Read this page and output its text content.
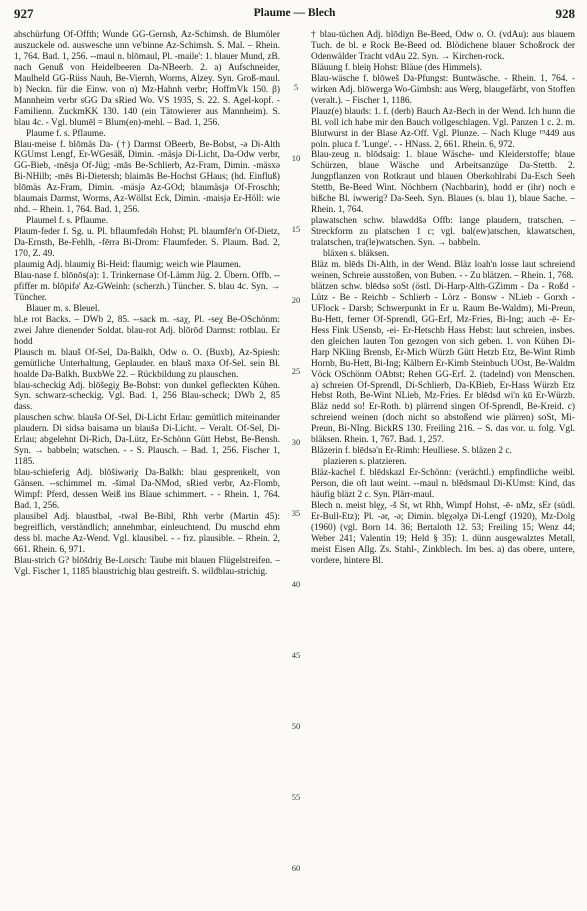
927	Plaume — Blech	928

abschürfung Of-Offth; Wunde GG-Gernsh, Az-Schimsh. de Blumöler auszuckele od. auswesche unn ve'binne Az-Schimsh. S. Mal. – Rhein. 1, 764. Bad. 1, 256. --maul n. blōmaul, Pl. -maile': 1. blauer Mund, zB. nach Genuß von Heidelbeeren Da-NBeerb. 2. a) Aufschneider, Maulheld GG-Rüss Nauh, Be-Viernh, Worms, Alzey. Syn. Groß-maul. b) Neckn. für die Einw. von α) Mz-Hahnh verbr; HoffmVk 150. β) Mannheim verbr sGG Da sRied Wo. VS 1935, S. 22. S. Agel-kopf. - Familienn. ZuckmKK 130. 140 (ein Tätowierer aus Mannheim). S. blau 4c. - Vgl. blumēl = Blum(en)-mehl. – Bad. 1, 256.

Plaume f. s. Pflaume.

Blau-meise f. blōmäs Da- (†) Darmst OBeerb, Be-Bobst, -ə Di-Alth KGUmst Lengf, Er-WGesäß, Dimin. -mäsjə Di-Licht, Da-Odw verbr, GG-Bieb, -mēsjə Of-Jüg; -mās Be-Schlierb, Az-Fram, Dimin. -mäsxə Bi-NHilb; -mēs Bi-Dietersh; blaimās Be-Hochst GHaus; (hd. Einfluß) blōmäs Az-Fram, Dimin. -mäsjə Az-GOd; blaumäsjə Of-Froschh; blaumais Darmst, Worms, Az-Wöllst Eck, Dimin. -maisjə Er-Höll: wie nhd. – Rhein. 1, 764. Bad. 1, 256.

Plaumel f. s. Pflaume.

Plaum-feder f. Sg. u. Pl. bflaumfedə̆n Hohst; Pl. blaumfēr'n Of-Dietz, Da-Ernsth, Be-Fehlh, -fērrə Bi-Drom: Flaumfeder. S. Plaum. Bad. 2, 170, Z. 49.

plaumig Adj. blaumiχ Bi-Heid: flaumig; weich wie Plaumen.

Blau-nase f. blōnōs(ə): 1. Trinkernase Of-Lämm Jüg. 2. Übern. Offb. --pfiffer m. blōpifə' Az-GWeinh: (scherzh.) Tüncher. S. blau 4c. Syn. → Tüncher.

Blauer m. s. Bleuel.

bl.e rot Backs. – DWb 2, 85. --sack m. -saχ, Pl. -seχ Be-OSchönm: zwei Jahre dienender Soldat. blau-rot Adj. blōrōd Darmst: rotblau. Er hodd

Plausch m. blauš Of-Sel, Da-Balkh, Odw o. O. (Buxb), Az-Spiesh: gemütliche Unterhaltung, Geplauder. en blauš maxə Of-Sel. sein Bl. hoalde Da-Balkh. BuxbWe 22. – Rückbildung zu plauschen.

blau-scheckig Adj. blōšegiχ Be-Bobst: von dunkel gefleckten Kühen. Syn. schwarz-scheckig. Vgl. Bad. 1, 256 Blau-scheck; DWb 2, 85 dass.

plauschen schw. blaušə Of-Sel, Di-Licht Erlau: gemütlich miteinander plaudern. Di sidsə baisamə un blaušə Di-Licht. – Veralt. Of-Sel, Di-Erlau; abgelehnt Di-Rich, Da-Lütz, Er-Schönn Gütt Hebst, Be-Bensh. Syn. → babbeln; watschen. - - S. Plausch. – Bad. 1, 256. Fischer 1, 1185.

blau-schieferig Adj. blōšiwəriχ Da-Balkh: blau gesprenkelt, von Gänsen. --schimmel m. -šiməl Da-NMod, sRied verbr, Az-Flomb, Wimpf: Pferd, dessen Weiß ins Blaue schimmert. - - Rhein. 1, 764. Bad. 1, 256.

plausibel Adj. blaustbəl, -twəl Be-Bibl, Rhh verbr (Martin 45): begreiflich, verständlich; annehmbar, einleuchtend. Du muschd ehm dess bl. mache Az-Wend. Vgl. klausibel. - - frz. plausible. – Rhein. 2, 661. Rhein. 6, 971.

Blau-strich G? blōšdriχ Be-Lorsch: Taube mit blauen Flügelstreifen. – Vgl. Fischer 1, 1185 blaustrichig blau gestreift. S. wildblau-strichig.

5
10
15
20
25
30
35
40
45
50
55
60

† blau-tüchen Adj. blōdiχn Be-Beed, Odw o. O. (vdAu): aus blauem Tuch. de bl. e Rock Be-Beed od. Blödichene blauer Schoßrock der Odenwälder Tracht vdAu 22. Syn. → Kirchen-rock.

Bläuung f. bleiŋ Hohst: Bläue (des Himmels).

Blau-wäsche f. blōweš Da-Pfungst: Buntwäsche. - Rhein. 1, 764. -wirken Adj. blōwergə Wo-Gimbsh: aus Werg, blaugefärbt, von Stoffen (veralt.). – Fischer 1, 1186.

Plauz(e) blauds: 1. f. (derb) Bauch Az-Bech in der Wend. Ich hunn die Bl. voll ich habe mir den Bauch vollgeschlagen. Vgl. Panzen 1 c. 2. m. Blutwurst in der Blase Az-Off. Vgl. Plunze. – Nach Kluge ¹⁹449 aus poln. pluca f. 'Lunge'. - - HNass. 2, 661. Rhein. 6, 972.

Blau-zeug n. blōdsaig: 1. blaue Wäsche- und Kleiderstoffe; blaue Schürzen, blaue Wäsche und Arbeitsanzüge Da-Stettb. 2. Jungpflanzen von Rotkraut und blauen Oberkohlrabi Da-Esch Seeh Stettb, Be-Beed Wint. Nöchbern (Nachbarin), hodd er (ihr) noch e bißche Bl. iwwerig? Da-Seeh. Syn. Blaues (s. blau 1), blaue Sache. – Rhein. 1, 764.

plawatschen schw. blawddšə Offb: lange plaudern, tratschen. – Streckform zu platschen 1 c; vgl. bal(ew)atschen, klawatschen, tralatschen, tra(le)watschen. Syn. → babbeln.

bläxen s. bläksen.

Bläz m. blēds Di-Alth, in der Wend. Bläz loah'n losse laut schreiend weinen, Schreie ausstoßen, von Buben. - - Zu blätzen. – Rhein. 1, 768.

blätzen schw. blēdsə soSt (östl. Di-Harp-Alth-GZimm - Da - Roßd - Lütz - Be - Reichb - Schlierb - Lörz - Bonsw - NLieb - Gorxh - UFlock - Darsb; Schwerpunkt in Er u. Raum Be-Waldm), Mi-Preun, Bu-Hett, ferner Of-Sprendl, GG-Erf, Mz-Fries, Bi-Ing; auch -ē- Er-Hess Fink USensb, -ei- Er-Hetschb Hass Hebst: laut schreien, insbes. den gleichen lauten Ton gezogen von sich geben. 1. von Kühen Di-Harp NKling Brensb, Er-Mich Würzb Gütt Hetzb Etz, Be-Wint Rimb Hornb, Bu-Hett, Bi-Ing; Kälbern Er-Kimb Steinbuch UOst, Be-Waldm Vöck OSchönm OAbtst; Rehen GG-Erf. 2. (tadelnd) von Menschen. a) schreien Of-Sprendl, Di-Schlierb, Da-KBieb, Er-Hass Würzb Etz Hebst Roth, Be-Wint NLieb, Mz-Fries. Er blēdsd wi'n kū Er-Würzb. Bläz nedd so! Er-Roth. b) plärrend singen Of-Sprendl, Be-Kreid. c) schreiend weinen (doch nicht so abstoßend wie plärren) soSt, Mi-Preun, Bi-NIng. BickRS 130. Freiling 216. – S. das vor. u. folg. Vgl. bläksen. Rhein. 1, 767. Bad. 1, 257.

Bläzerin f. blēdsə'n Er-Rimh: Heulliese. S. bläzen 2 c.

plazieren s. platzieren.

Bläz-kachel f. blēdskazl Er-Schönn: (verächtl.) empfindliche weibl. Person, die oft laut weint. --maul n. blēdsmaul Di-KUmst: Kind, das häufig bläzt 2 c. Syn. Plärr-maul.

Blech n. meist blęχ, -š St, wt Rhh, Wimpf Hohst, -ē- nMz, sEr (südl. Er-Bull-Etz); Pl. -ər, -ə; Dimin. blęχəlχə Di-Lengf (1920), Mz-Dolg (1960) (vgl. Born 14. 36; Bertaloth 12. 53; Freiling 15; Wenz 44; Weber 241; Valentin 19; Held § 35): 1. dünn ausgewalztes Metall, meist Eisen Allg. Zs. Stahl-, Zinkblech. Im bes. a) das obere, untere, vordere, hintere Bl.
